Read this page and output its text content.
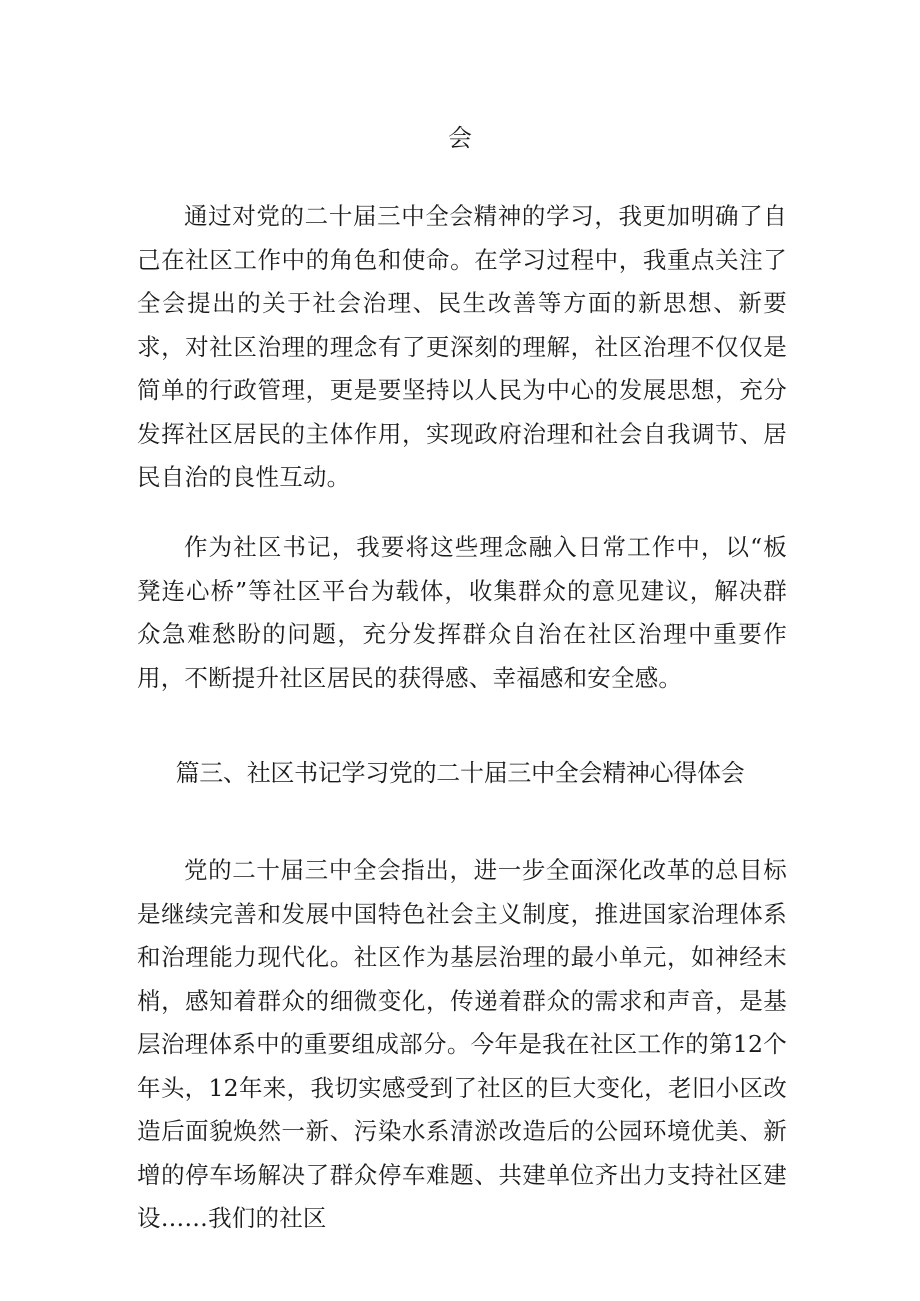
会

通过对党的二十届三中全会精神的学习，我更加明确了自己在社区工作中的角色和使命。在学习过程中，我重点关注了全会提出的关于社会治理、民生改善等方面的新思想、新要求，对社区治理的理念有了更深刻的理解，社区治理不仅仅是简单的行政管理，更是要坚持以人民为中心的发展思想，充分发挥社区居民的主体作用，实现政府治理和社会自我调节、居民自治的良性互动。

作为社区书记，我要将这些理念融入日常工作中，以“板凳连心桥”等社区平台为载体，收集群众的意见建议，解决群众急难愁盼的问题，充分发挥群众自治在社区治理中重要作用，不断提升社区居民的获得感、幸福感和安全感。

篇三、社区书记学习党的二十届三中全会精神心得体会

党的二十届三中全会指出，进一步全面深化改革的总目标是继续完善和发展中国特色社会主义制度，推进国家治理体系和治理能力现代化。社区作为基层治理的最小单元，如神经末梢，感知着群众的细微变化，传递着群众的需求和声音，是基层治理体系中的重要组成部分。今年是我在社区工作的第12个年头，12年来，我切实感受到了社区的巨大变化，老旧小区改造后面貌焕然一新、污染水系清淤改造后的公园环境优美、新增的停车场解决了群众停车难题、共建单位齐出力支持社区建设……我们的社区
